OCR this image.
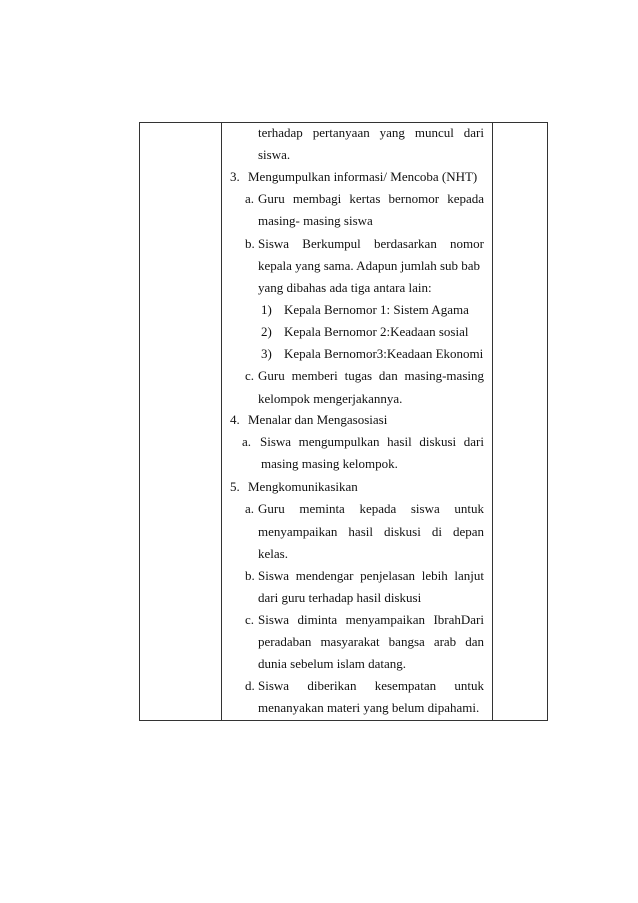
terhadap pertanyaan yang muncul dari
siswa.
3. Mengumpulkan informasi/ Mencoba (NHT)
a. Guru membagi kertas bernomor kepada
masing- masing siswa
b. Siswa Berkumpul berdasarkan nomor
kepala yang sama. Adapun jumlah sub bab
yang dibahas ada tiga antara lain:
1) Kepala Bernomor 1: Sistem Agama
2) Kepala Bernomor 2:Keadaan sosial
3) Kepala Bernomor3:Keadaan Ekonomi
c. Guru memberi tugas dan masing-masing
kelompok mengerjakannya.
4. Menalar dan Mengasosiasi
a. Siswa mengumpulkan hasil diskusi dari
masing masing kelompok.
5. Mengkomunikasikan
a. Guru meminta kepada siswa untuk
menyampaikan hasil diskusi di depan
kelas.
b. Siswa mendengar penjelasan lebih lanjut
dari guru terhadap hasil diskusi
c. Siswa diminta menyampaikan IbrahDari
peradaban masyarakat bangsa arab dan
dunia sebelum islam datang.
d. Siswa diberikan kesempatan untuk
menanyakan materi yang belum dipahami.
